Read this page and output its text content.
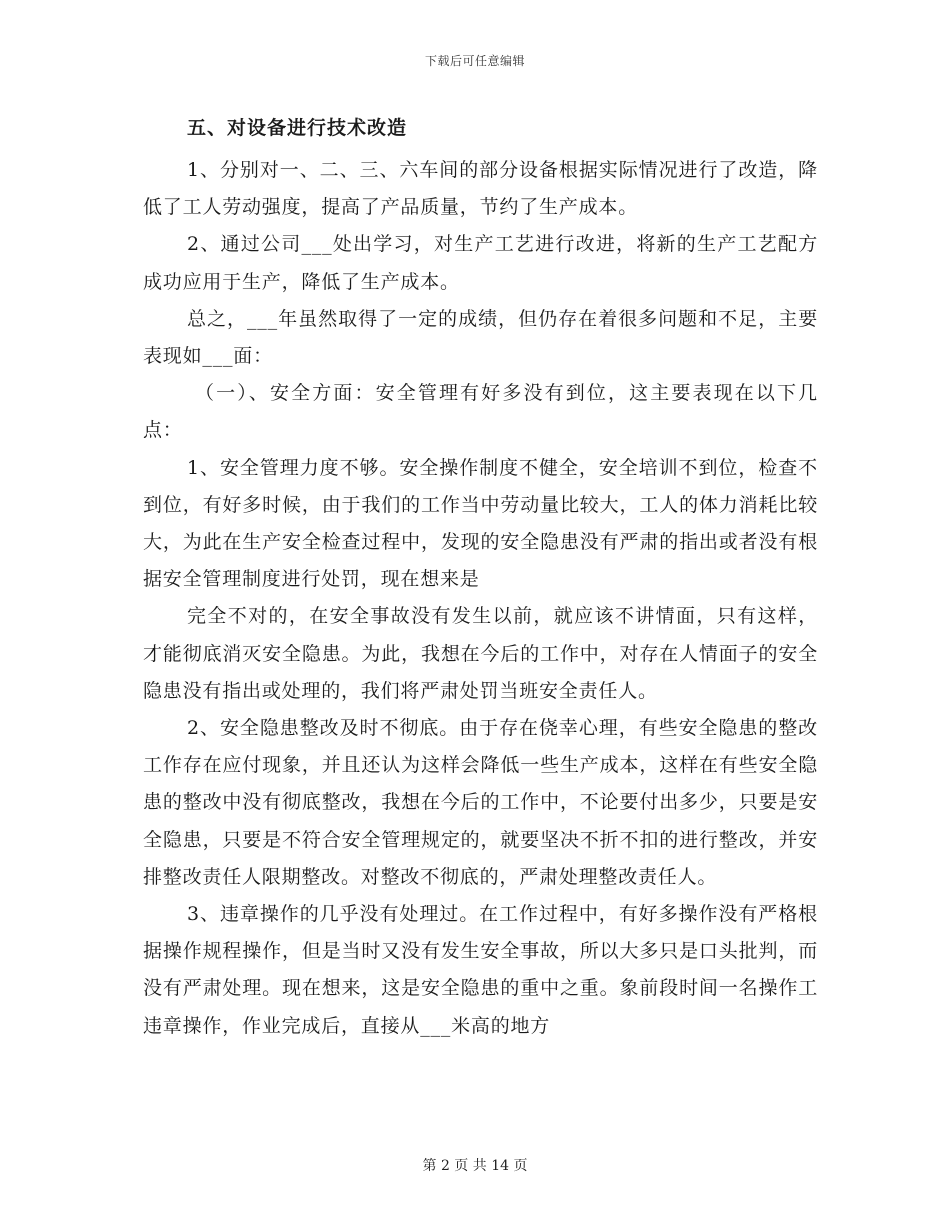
下载后可任意编辑
五、对设备进行技术改造

1、分别对一、二、三、六车间的部分设备根据实际情况进行了改造，降低了工人劳动强度，提高了产品质量，节约了生产成本。

2、通过公司___处出学习，对生产工艺进行改进，将新的生产工艺配方成功应用于生产，降低了生产成本。

总之，___年虽然取得了一定的成绩，但仍存在着很多问题和不足，主要表现如___面：

（一）、安全方面：安全管理有好多没有到位，这主要表现在以下几点：

1、安全管理力度不够。安全操作制度不健全，安全培训不到位，检查不到位，有好多时候，由于我们的工作当中劳动量比较大，工人的体力消耗比较大，为此在生产安全检查过程中，发现的安全隐患没有严肃的指出或者没有根据安全管理制度进行处罚，现在想来是

完全不对的，在安全事故没有发生以前，就应该不讲情面，只有这样，才能彻底消灭安全隐患。为此，我想在今后的工作中，对存在人情面子的安全隐患没有指出或处理的，我们将严肃处罚当班安全责任人。

2、安全隐患整改及时不彻底。由于存在侥幸心理，有些安全隐患的整改工作存在应付现象，并且还认为这样会降低一些生产成本，这样在有些安全隐患的整改中没有彻底整改，我想在今后的工作中，不论要付出多少，只要是安全隐患，只要是不符合安全管理规定的，就要坚决不折不扣的进行整改，并安排整改责任人限期整改。对整改不彻底的，严肃处理整改责任人。

3、违章操作的几乎没有处理过。在工作过程中，有好多操作没有严格根据操作规程操作，但是当时又没有发生安全事故，所以大多只是口头批判，而没有严肃处理。现在想来，这是安全隐患的重中之重。象前段时间一名操作工违章操作，作业完成后，直接从___米高的地方

第 2 页 共 14 页
